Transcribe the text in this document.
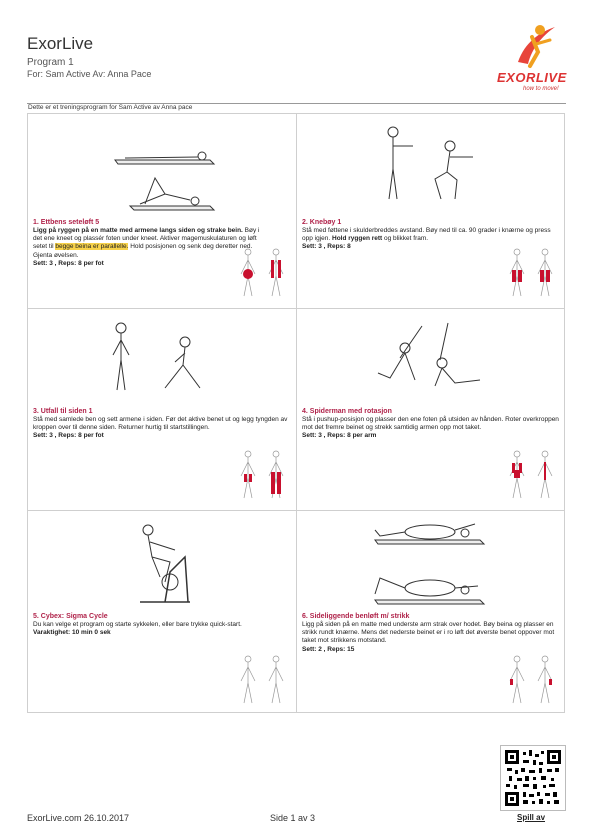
ExorLive
Program 1
For: Sam Active Av: Anna Pace	EXORLIVE
how to move!
Dette er et treningsprogram for Sam Active av Anna pace
1. Ettbens seteløft 5
Ligg på ryggen på en matte med armene langs siden og strake bein. Bøy i det ene kneet og plassér foten under kneet. Aktiver magemuskulaturen og løft setet til begge beina er parallelle. Hold posisjonen og senk deg deretter ned. Gjenta øvelsen.
Sett: 3 , Reps: 8 per fot
2. Knebøy 1
Stå med føttene i skulderbreddes avstand. Bøy ned til ca. 90 grader i knærne og press opp igjen. Hold ryggen rett og blikket fram.
Sett: 3 , Reps: 8
3. Utfall til siden 1
Stå med samlede ben og sett armene i siden. Før det aktive benet ut og legg tyngden av kroppen over til denne siden. Returner hurtig til startstillingen.
Sett: 3 , Reps: 8 per fot
4. Spiderman med rotasjon
Stå i pushup-posisjon og plasser den ene foten på utsiden av hånden. Roter overkroppen mot det fremre beinet og strekk samtidig armen opp mot taket.
Sett: 3 , Reps: 8 per arm
5. Cybex: Sigma Cycle
Du kan velge et program og starte sykkelen, eller bare trykke quick-start.
Varaktighet: 10 min 0 sek
6. Sideliggende benløft m/ strikk
Ligg på siden på en matte med underste arm strak over hodet. Bøy beina og plasser en strikk rundt knærne. Mens det nederste beinet er i ro løft det øverste benet oppover mot taket mot strikkens motstand.
Sett: 2 , Reps: 15
ExorLive.com 26.10.2017	Side 1 av 3	Spill av
